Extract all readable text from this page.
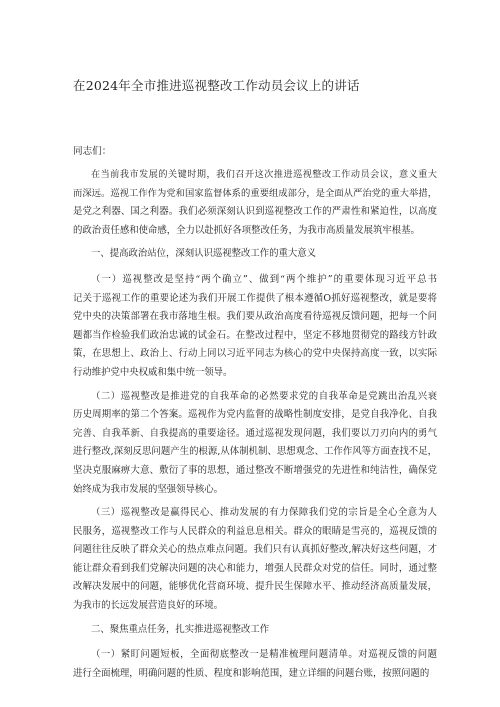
在2024年全市推进巡视整改工作动员会议上的讲话
同志们：
在当前我市发展的关键时期，我们召开这次推进巡视整改工作动员会议，意义重大
而深远。巡视工作作为党和国家监督体系的重要组成部分，是全面从严治党的重大举措，
是党之利器、国之利器。我们必须深刻认识到巡视整改工作的严肃性和紧迫性，以高度
的政治责任感和使命感，全力以赴抓好各项整改任务，为我市高质量发展筑牢根基。
一、提高政治站位，深刻认识巡视整改工作的重大意义
（一）巡视整改是坚持“两个确立”、做到“两个维护”的重要体现习近平总书
记关于巡视工作的重要论述为我们开展工作提供了根本遵循O抓好巡视整改，就是要将
党中央的决策部署在我市落地生根。我们要从政治高度看待巡视反馈问题，把每一个问
题都当作检验我们政治忠诚的试金石。在整改过程中，坚定不移地贯彻党的路线方针政
策，在思想上、政治上、行动上同以习近平同志为核心的党中央保持高度一致，以实际
行动维护党中央权威和集中统一领导。
（二）巡视整改是推进党的自我革命的必然要求党的自我革命是党跳出治乱兴衰
历史周期率的第二个答案。巡视作为党内监督的战略性制度安排，是党自我净化、自我
完善、自我革新、自我提高的重要途径。通过巡视发现问题，我们要以刀刃向内的勇气
进行整改,深刻反思问题产生的根源,从体制机制、思想观念、工作作风等方面查找不足，
坚决克服麻痹大意、敷衍了事的思想，通过整改不断增强党的先进性和纯洁性，确保党
始终成为我市发展的坚强领导核心。
（三）巡视整改是赢得民心、推动发展的有力保障我们党的宗旨是全心全意为人
民服务，巡视整改工作与人民群众的利益息息相关。群众的眼睛是雪亮的，巡视反馈的
问题往往反映了群众关心的热点难点问题。我们只有认真抓好整改,解决好这些问题，才
能让群众看到我们党解决问题的决心和能力，增强人民群众对党的信任。同时，通过整
改解决发展中的问题，能够优化营商环境、提升民生保障水平、推动经济高质量发展，
为我市的长远发展营造良好的环境。
二、聚焦重点任务，扎实推进巡视整改工作
（一）紧盯问题短板，全面彻底整改一是精准梳理问题清单。对巡视反馈的问题
进行全面梳理，明确问题的性质、程度和影响范围，建立详细的问题台账，按照问题的
